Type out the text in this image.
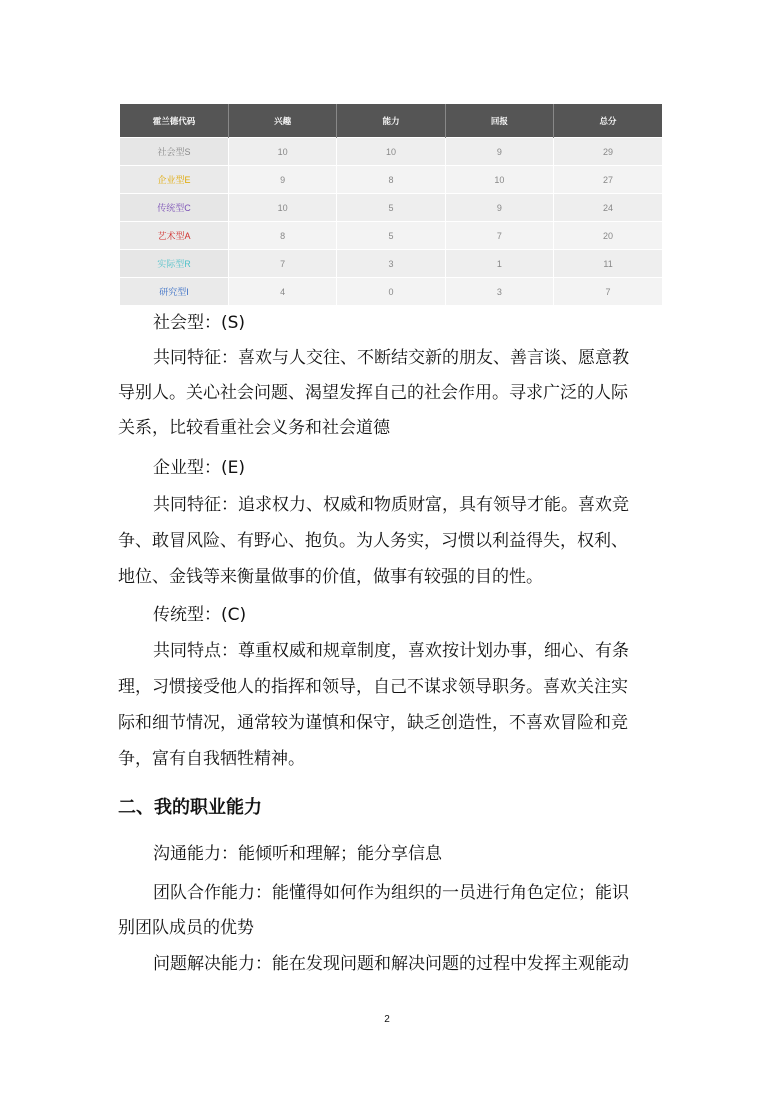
霍兰德代码	兴趣	能力	回报	总分
社会型S	10	10	9	29
企业型E	9	8	10	27
传统型C	10	5	9	24
艺术型A	8	5	7	20
实际型R	7	3	1	11
研究型I	4	0	3	7

社会型：(S)

共同特征：喜欢与人交往、不断结交新的朋友、善言谈、愿意教

导别人。关心社会问题、渴望发挥自己的社会作用。寻求广泛的人际

关系，比较看重社会义务和社会道德

企业型：(E)

共同特征：追求权力、权威和物质财富，具有领导才能。喜欢竞

争、敢冒风险、有野心、抱负。为人务实，习惯以利益得失，权利、

地位、金钱等来衡量做事的价值，做事有较强的目的性。

传统型：(C)

共同特点：尊重权威和规章制度，喜欢按计划办事，细心、有条

理，习惯接受他人的指挥和领导，自己不谋求领导职务。喜欢关注实

际和细节情况，通常较为谨慎和保守，缺乏创造性，不喜欢冒险和竞

争，富有自我牺牲精神。

二、我的职业能力

沟通能力：能倾听和理解；能分享信息

团队合作能力：能懂得如何作为组织的一员进行角色定位；能识

别团队成员的优势

问题解决能力：能在发现问题和解决问题的过程中发挥主观能动

2
